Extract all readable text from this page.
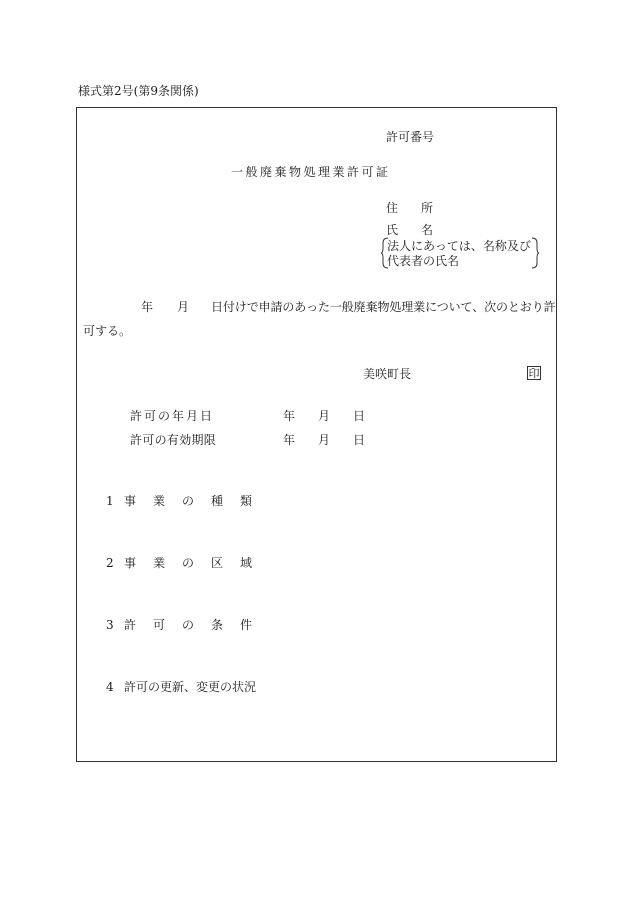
様式第2号(第9条関係)
許可番号
一般廃棄物処理業許可証
住 所
氏 名
法人にあっては、名称及び
代表者の氏名
年 月 日付けで申請のあった一般廃棄物処理業について、次のとおり許
可する。
美咲町長	印
許可の年月日	年 月 日
許可の有効期限	年 月 日
1 事 業 の 種 類
2 事 業 の 区 域
3 許 可 の 条 件
4 許可の更新、変更の状況
